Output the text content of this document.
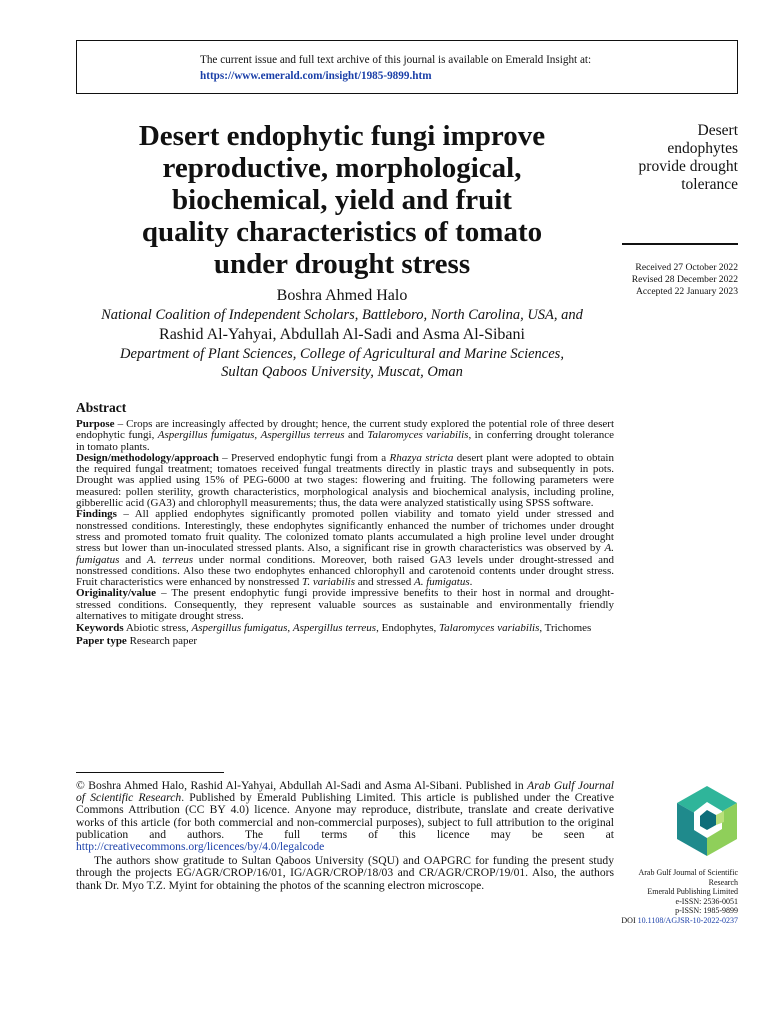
The current issue and full text archive of this journal is available on Emerald Insight at:
https://www.emerald.com/insight/1985-9899.htm
Desert endophytic fungi improve
reproductive, morphological,
biochemical, yield and fruit
quality characteristics of tomato
under drought stress
Desert
endophytes
provide drought
tolerance
Received 27 October 2022
Revised 28 December 2022
Accepted 22 January 2023
Boshra Ahmed Halo
National Coalition of Independent Scholars, Battleboro, North Carolina, USA, and
Rashid Al-Yahyai, Abdullah Al-Sadi and Asma Al-Sibani
Department of Plant Sciences, College of Agricultural and Marine Sciences,
Sultan Qaboos University, Muscat, Oman
Abstract

Purpose – Crops are increasingly affected by drought; hence, the current study explored the potential role of three desert endophytic fungi, Aspergillus fumigatus, Aspergillus terreus and Talaromyces variabilis, in conferring drought tolerance in tomato plants.

Design/methodology/approach – Preserved endophytic fungi from a Rhazya stricta desert plant were adopted to obtain the required fungal treatment; tomatoes received fungal treatments directly in plastic trays and subsequently in pots. Drought was applied using 15% of PEG-6000 at two stages: flowering and fruiting. The following parameters were measured: pollen sterility, growth characteristics, morphological analysis and biochemical analysis, including proline, gibberellic acid (GA3) and chlorophyll measurements; thus, the data were analyzed statistically using SPSS software.

Findings – All applied endophytes significantly promoted pollen viability and tomato yield under stressed and nonstressed conditions. Interestingly, these endophytes significantly enhanced the number of trichomes under drought stress and promoted tomato fruit quality. The colonized tomato plants accumulated a high proline level under drought stress but lower than un-inoculated stressed plants. Also, a significant rise in growth characteristics was observed by A. fumigatus and A. terreus under normal conditions. Moreover, both raised GA3 levels under drought-stressed and nonstressed conditions. Also these two endophytes enhanced chlorophyll and carotenoid contents under drought stress. Fruit characteristics were enhanced by nonstressed T. variabilis and stressed A. fumigatus.

Originality/value – The present endophytic fungi provide impressive benefits to their host in normal and drought-stressed conditions. Consequently, they represent valuable sources as sustainable and environmentally friendly alternatives to mitigate drought stress.

Keywords Abiotic stress, Aspergillus fumigatus, Aspergillus terreus, Endophytes, Talaromyces variabilis, Trichomes

Paper type Research paper

© Boshra Ahmed Halo, Rashid Al-Yahyai, Abdullah Al-Sadi and Asma Al-Sibani. Published in Arab Gulf Journal of Scientific Research. Published by Emerald Publishing Limited. This article is published under the Creative Commons Attribution (CC BY 4.0) licence. Anyone may reproduce, distribute, translate and create derivative works of this article (for both commercial and non-commercial purposes), subject to full attribution to the original publication and authors. The full terms of this licence may be seen at http://creativecommons.org/licences/by/4.0/legalcode

The authors show gratitude to Sultan Qaboos University (SQU) and OAPGRC for funding the present study through the projects EG/AGR/CROP/16/01, IG/AGR/CROP/18/03 and CR/AGR/CROP/19/01. Also, the authors thank Dr. Myo T.Z. Myint for obtaining the photos of the scanning electron microscope.

Arab Gulf Journal of Scientific
Research
Emerald Publishing Limited
e-ISSN: 2536-0051
p-ISSN: 1985-9899
DOI 10.1108/AGJSR-10-2022-0237
